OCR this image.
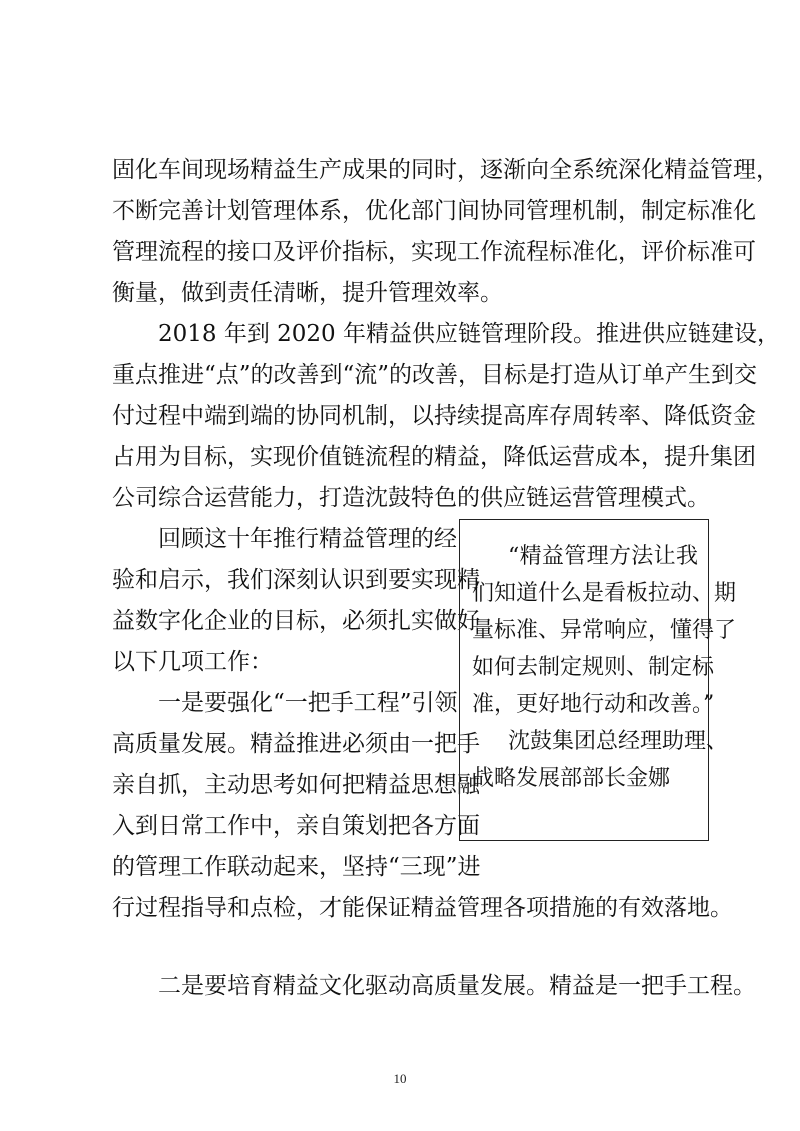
固化车间现场精益生产成果的同时，逐渐向全系统深化精益管理，
不断完善计划管理体系，优化部门间协同管理机制，制定标准化
管理流程的接口及评价指标，实现工作流程标准化，评价标准可
衡量，做到责任清晰，提升管理效率。
2018 年到 2020 年精益供应链管理阶段。推进供应链建设，
重点推进“点”的改善到“流”的改善，目标是打造从订单产生到交
付过程中端到端的协同机制，以持续提高库存周转率、降低资金
占用为目标，实现价值链流程的精益，降低运营成本，提升集团
公司综合运营能力，打造沈鼓特色的供应链运营管理模式。
回顾这十年推行精益管理的经
验和启示，我们深刻认识到要实现精
益数字化企业的目标，必须扎实做好
以下几项工作：
一是要强化“一把手工程”引领
高质量发展。精益推进必须由一把手
亲自抓，主动思考如何把精益思想融
入到日常工作中，亲自策划把各方面
的管理工作联动起来，坚持“三现”进
行过程指导和点检，才能保证精益管理各项措施的有效落地。
二是要培育精益文化驱动高质量发展。精益是一把手工程。
“精益管理方法让我
们知道什么是看板拉动、期
量标准、异常响应，懂得了
如何去制定规则、制定标
准，更好地行动和改善。”
沈鼓集团总经理助理、
战略发展部部长金娜
10
